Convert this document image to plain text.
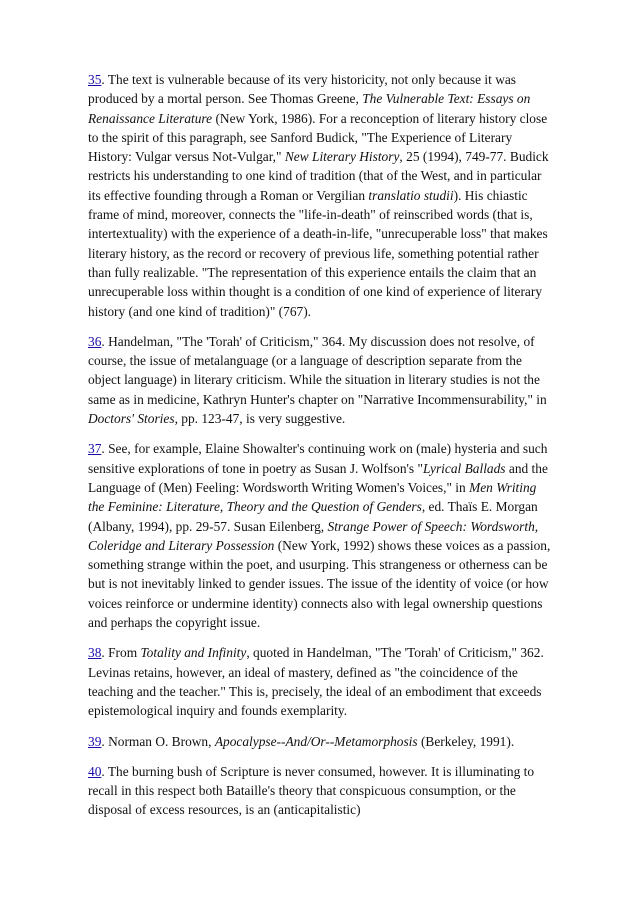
35. The text is vulnerable because of its very historicity, not only because it was produced by a mortal person. See Thomas Greene, The Vulnerable Text: Essays on Renaissance Literature (New York, 1986). For a reconception of literary history close to the spirit of this paragraph, see Sanford Budick, "The Experience of Literary History: Vulgar versus Not-Vulgar," New Literary History, 25 (1994), 749-77. Budick restricts his understanding to one kind of tradition (that of the West, and in particular its effective founding through a Roman or Vergilian translatio studii). His chiastic frame of mind, moreover, connects the "life-in-death" of reinscribed words (that is, intertextuality) with the experience of a death-in-life, "unrecuperable loss" that makes literary history, as the record or recovery of previous life, something potential rather than fully realizable. "The representation of this experience entails the claim that an unrecuperable loss within thought is a condition of one kind of experience of literary history (and one kind of tradition)" (767).

36. Handelman, "The 'Torah' of Criticism," 364. My discussion does not resolve, of course, the issue of metalanguage (or a language of description separate from the object language) in literary criticism. While the situation in literary studies is not the same as in medicine, Kathryn Hunter's chapter on "Narrative Incommensurability," in Doctors' Stories, pp. 123-47, is very suggestive.

37. See, for example, Elaine Showalter's continuing work on (male) hysteria and such sensitive explorations of tone in poetry as Susan J. Wolfson's "Lyrical Ballads and the Language of (Men) Feeling: Wordsworth Writing Women's Voices," in Men Writing the Feminine: Literature, Theory and the Question of Genders, ed. Thaïs E. Morgan (Albany, 1994), pp. 29-57. Susan Eilenberg, Strange Power of Speech: Wordsworth, Coleridge and Literary Possession (New York, 1992) shows these voices as a passion, something strange within the poet, and usurping. This strangeness or otherness can be but is not inevitably linked to gender issues. The issue of the identity of voice (or how voices reinforce or undermine identity) connects also with legal ownership questions and perhaps the copyright issue.

38. From Totality and Infinity, quoted in Handelman, "The 'Torah' of Criticism," 362. Levinas retains, however, an ideal of mastery, defined as "the coincidence of the teaching and the teacher." This is, precisely, the ideal of an embodiment that exceeds epistemological inquiry and founds exemplarity.

39. Norman O. Brown, Apocalypse--And/Or--Metamorphosis (Berkeley, 1991).

40. The burning bush of Scripture is never consumed, however. It is illuminating to recall in this respect both Bataille's theory that conspicuous consumption, or the disposal of excess resources, is an (anticapitalistic)
